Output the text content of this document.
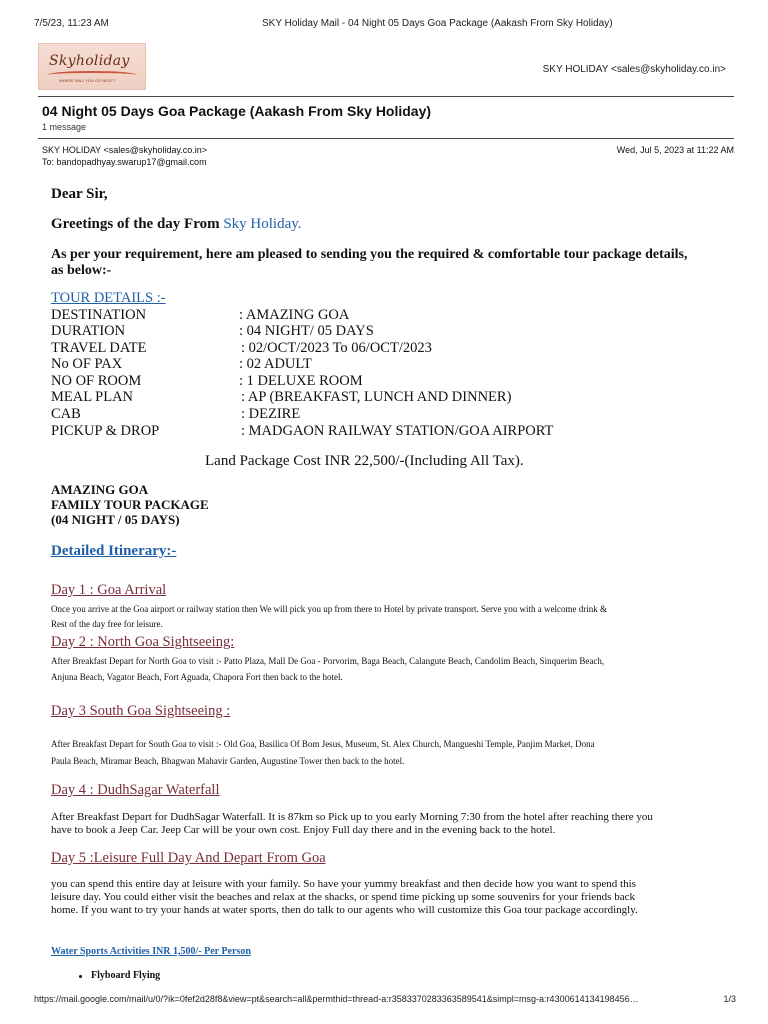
7/5/23, 11:23 AM	SKY Holiday Mail - 04 Night 05 Days Goa Package (Aakash From Sky Holiday)
Skyholiday
WHERE WILL YOU GO NEXT?
SKY HOLIDAY <sales@skyholiday.co.in>
04 Night 05 Days Goa Package (Aakash From Sky Holiday)
1 message
SKY HOLIDAY <sales@skyholiday.co.in>
To: bandopadhyay.swarup17@gmail.com
Wed, Jul 5, 2023 at 11:22 AM
Dear Sir,
Greetings of the day From Sky Holiday.
As per your requirement, here am pleased to sending you the required & comfortable tour package details,
as below:-
TOUR DETAILS :-
DESTINATION	: AMAZING GOA
DURATION	: 04 NIGHT/ 05 DAYS
TRAVEL DATE	: 02/OCT/2023 To 06/OCT/2023
No OF PAX	: 02 ADULT
NO OF ROOM	: 1 DELUXE ROOM
MEAL PLAN	: AP (BREAKFAST, LUNCH AND DINNER)
CAB	: DEZIRE
PICKUP & DROP	: MADGAON RAILWAY STATION/GOA AIRPORT
Land Package Cost INR 22,500/-(Including All Tax).
AMAZING GOA
FAMILY TOUR PACKAGE
(04 NIGHT / 05 DAYS)
Detailed Itinerary:-
Day 1 : Goa Arrival
Once you arrive at the Goa airport or railway station then We will pick you up from there to Hotel by private transport. Serve you with a welcome drink &
Rest of the day free for leisure.
Day 2 : North Goa Sightseeing:
After Breakfast Depart for North Goa to visit :- Patto Plaza, Mall De Goa - Porvorim, Baga Beach, Calangute Beach, Candolim Beach, Sinquerim Beach,
Anjuna Beach, Vagator Beach, Fort Aguada, Chapora Fort then back to the hotel.
Day 3 South Goa Sightseeing :
After Breakfast Depart for South Goa to visit :- Old Goa, Basilica Of Bom Jesus, Museum, St. Alex Church, Mangueshi Temple, Panjim Market, Dona
Paula Beach, Miramar Beach, Bhagwan Mahavir Garden, Augustine Tower then back to the hotel.
Day 4 : DudhSagar Waterfall
After Breakfast Depart for DudhSagar Waterfall. It is 87km so Pick up to you early Morning 7:30 from the hotel after reaching there you
have to book a Jeep Car. Jeep Car will be your own cost. Enjoy Full day there and in the evening back to the hotel.
Day 5 :Leisure Full Day And Depart From Goa
you can spend this entire day at leisure with your family. So have your yummy breakfast and then decide how you want to spend this
leisure day. You could either visit the beaches and relax at the shacks, or spend time picking up some souvenirs for your friends back
home. If you want to try your hands at water sports, then do talk to our agents who will customize this Goa tour package accordingly.
Water Sports Activities INR 1,500/- Per Person
Flyboard Flying
https://mail.google.com/mail/u/0/?ik=0fef2d28f8&view=pt&search=all&permthid=thread-a:r3583370283363589541&simpl=msg-a:r4300614134198456…	1/3
